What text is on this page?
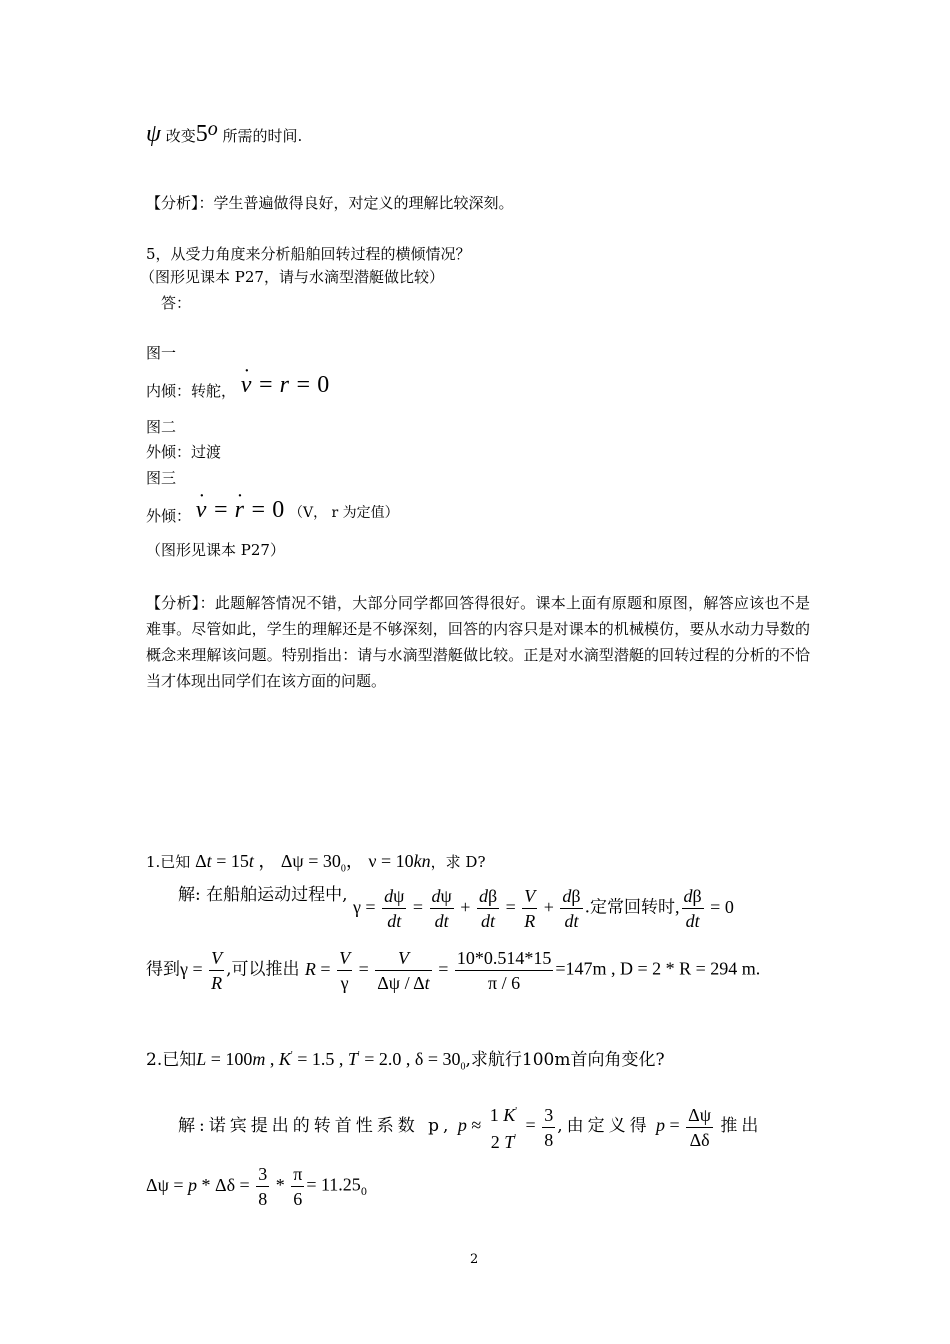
ψ 改变5o 所需的时间.
【分析】：学生普遍做得良好，对定义的理解比较深刻。
5，从受力角度来分析船舶回转过程的横倾情况？
（图形见课本 P27，请与水滴型潜艇做比较）
答：
图一
内倾：转舵， · v = r = 0
图二
外倾：过渡
图三
外倾： · v = · r = 0 （V， r 为定值）
（图形见课本 P27）
【分析】：此题解答情况不错，大部分同学都回答得很好。课本上面有原题和原图，解答应该也不是难事。尽管如此，学生的理解还是不够深刻，回答的内容只是对课本的机械模仿，要从水动力导数的概念来理解该问题。特别指出：请与水滴型潜艇做比较。正是对水滴型潜艇的回转过程的分析的不恰当才体现出同学们在该方面的问题。
1.已知 Δt = 15t ， $\Delta\psi = 30_0$， ν = 10kn，求 D?
解: 在船舶运动过程中,
$\gamma = \frac{d\psi}{dt} = \frac{d\psi}{dt} + \frac{d\beta}{dt} = \frac{V}{R} + \frac{d\beta}{dt}$ .定常回转时, $\frac{d\beta}{dt} = 0$
得到$\gamma = \frac{V}{R}$ ,可以推出 $R = \frac{V}{\gamma} = \frac{V}{\Delta\psi / \Delta t} = \frac{10*0.514*15}{\pi / 6} =147m$ , D = 2 * R = 294 m.
2.已知L = 100m , K' = 1.5 , T' = 2.0 , $\delta = 30_0$,求航行100m首向角变化?
解:诺宾提出的转首性系数 p, p ≈
1 K'
2 T'
= $\frac{3}{8}$ ,由定义得 $p = \frac{\Delta\psi}{\Delta\delta}$ 推出
$\Delta\psi = p * \Delta\delta = \frac{3}{8} * \frac{\pi}{6} = 11.25_0$
2
